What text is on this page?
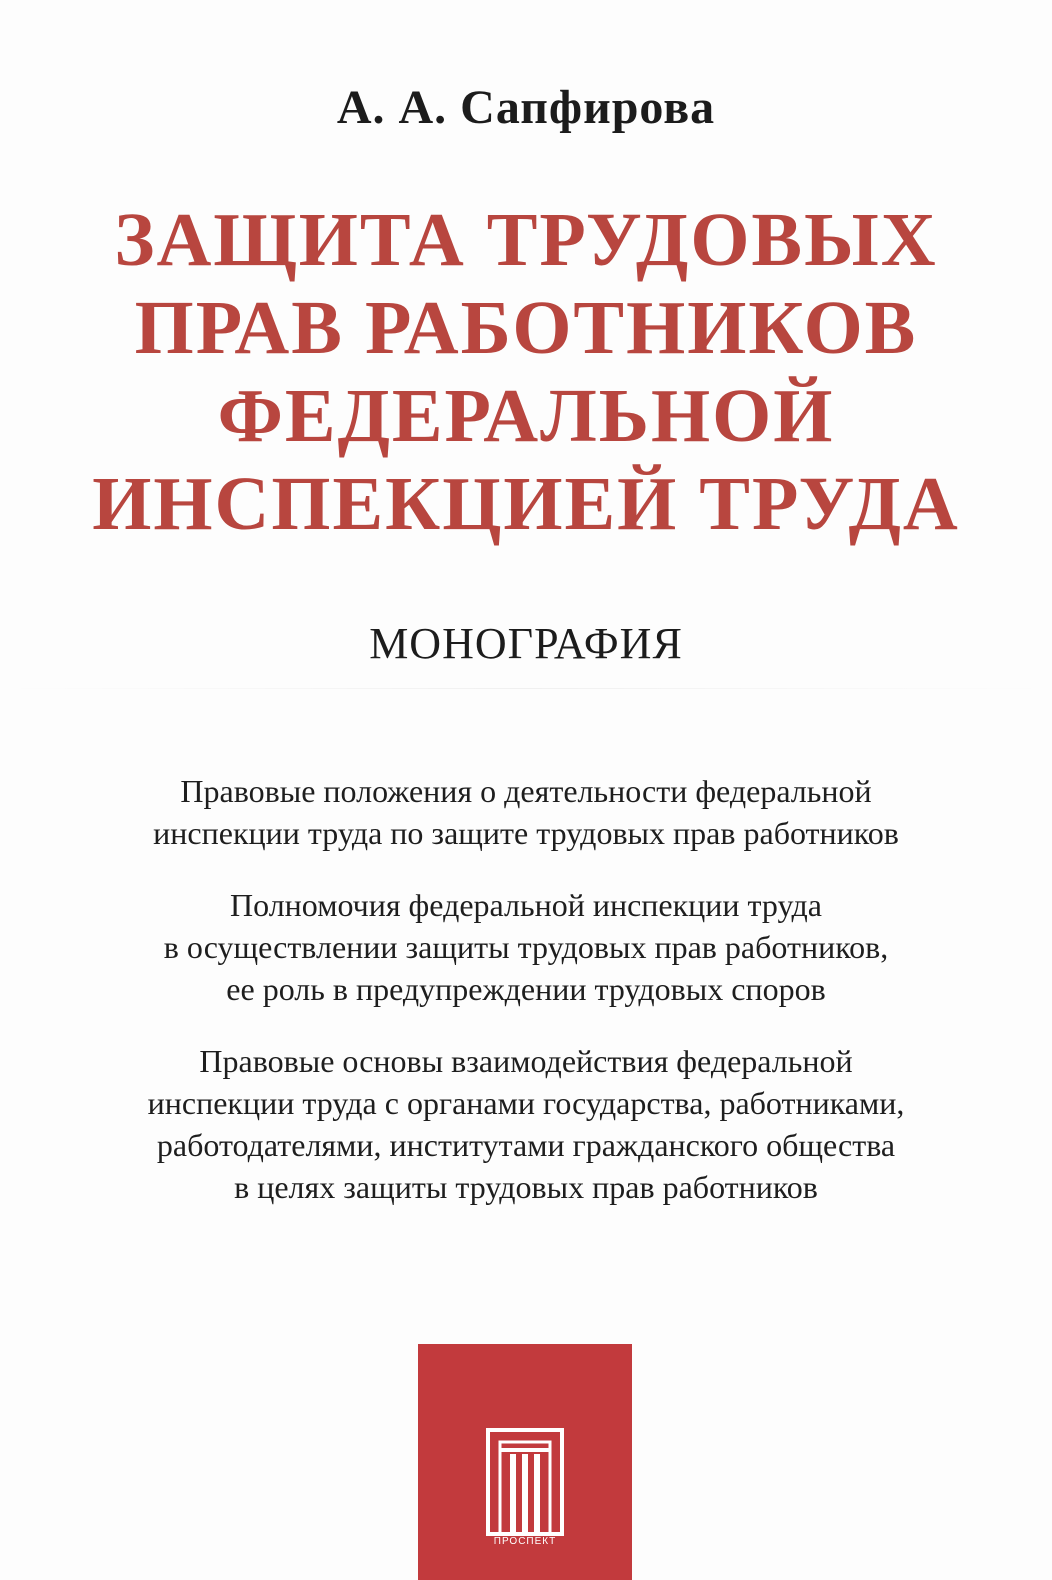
А. А. Сапфирова
ЗАЩИТА ТРУДОВЫХ
ПРАВ РАБОТНИКОВ
ФЕДЕРАЛЬНОЙ
ИНСПЕКЦИЕЙ ТРУДА
МОНОГРАФИЯ
Правовые положения о деятельности федеральной
инспекции труда по защите трудовых прав работников
Полномочия федеральной инспекции труда
в осуществлении защиты трудовых прав работников,
ее роль в предупреждении трудовых споров
Правовые основы взаимодействия федеральной
инспекции труда с органами государства, работниками,
работодателями, институтами гражданского общества
в целях защиты трудовых прав работников
ПРОСПЕКТ
